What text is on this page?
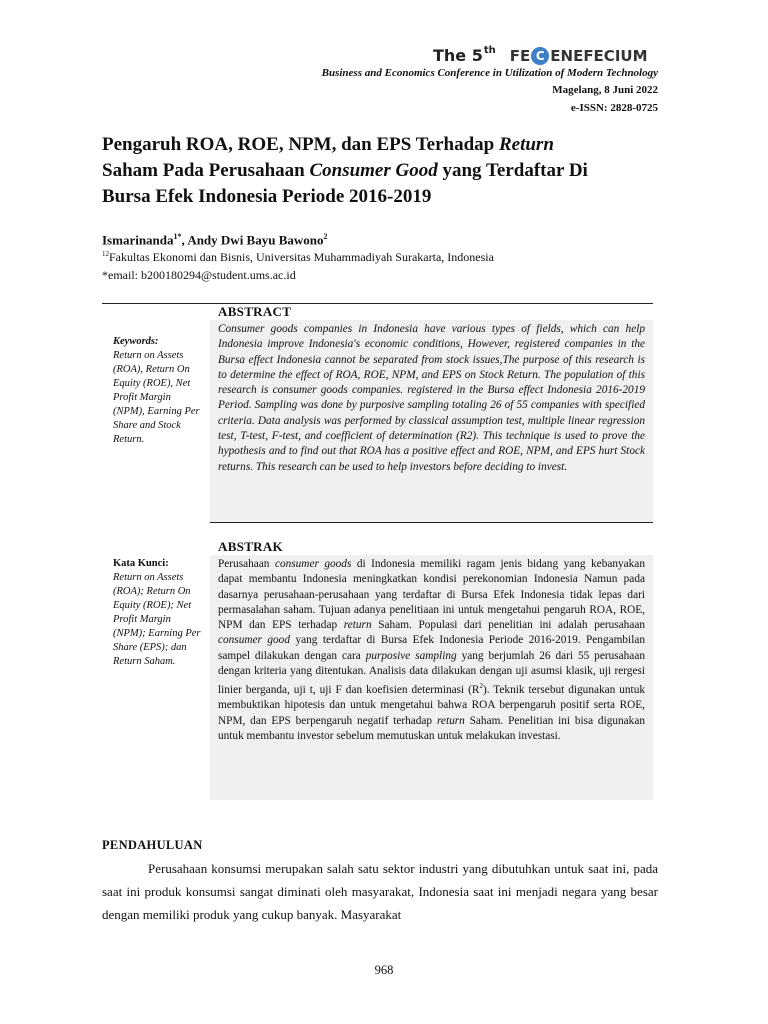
The 5 th FE C ENEFECIUM
Business and Economics Conference in Utilization of Modern Technology
Magelang, 8 Juni 2022
e-ISSN: 2828-0725
Pengaruh ROA, ROE, NPM, dan EPS Terhadap Return
Saham Pada Perusahaan Consumer Good yang Terdaftar Di
Bursa Efek Indonesia Periode 2016-2019
Ismarinanda$^{1*}$, Andy Dwi Bayu Bawono$^2$
$^{12}$Fakultas Ekonomi dan Bisnis, Universitas Muhammadiyah Surakarta, Indonesia
*email: b200180294@student.ums.ac.id
ABSTRACT
Keywords:
Return on Assets (ROA), Return On Equity (ROE), Net Profit Margin (NPM), Earning Per Share and Stock Return.
Consumer goods companies in Indonesia have various types of fields, which can help Indonesia improve Indonesia's economic conditions, However, registered companies in the Bursa effect Indonesia cannot be separated from stock issues,The purpose of this research is to determine the effect of ROA, ROE, NPM, and EPS on Stock Return. The population of this research is consumer goods companies. registered in the Bursa effect Indonesia 2016-2019 Period. Sampling was done by purposive sampling totaling 26 of 55 companies with specified criteria. Data analysis was performed by classical assumption test, multiple linear regression test, T-test, F-test, and coefficient of determination (R2). This technique is used to prove the hypothesis and to find out that ROA has a positive effect and ROE, NPM, and EPS hurt Stock returns. This research can be used to help investors before deciding to invest.
ABSTRAK
Kata Kunci:
Return on Assets (ROA); Return On Equity (ROE); Net Profit Margin (NPM); Earning Per Share (EPS); dan Return Saham.
Perusahaan consumer goods di Indonesia memiliki ragam jenis bidang yang kebanyakan dapat membantu Indonesia meningkatkan kondisi perekonomian Indonesia Namun pada dasarnya perusahaan-perusahaan yang terdaftar di Bursa Efek Indonesia tidak lepas dari permasalahan saham. Tujuan adanya penelitiaan ini untuk mengetahui pengaruh ROA, ROE, NPM dan EPS terhadap return Saham. Populasi dari penelitian ini adalah perusahaan consumer good yang terdaftar di Bursa Efek Indonesia Periode 2016-2019. Pengambilan sampel dilakukan dengan cara purposive sampling yang berjumlah 26 dari 55 perusahaan dengan kriteria yang ditentukan. Analisis data dilakukan dengan uji asumsi klasik, uji rergesi linier berganda, uji t, uji F dan koefisien determinasi $(R^2)$. Teknik tersebut digunakan untuk membuktikan hipotesis dan untuk mengetahui bahwa ROA berpengaruh positif serta ROE, NPM, dan EPS berpengaruh negatif terhadap return Saham. Penelitian ini bisa digunakan untuk membantu investor sebelum memutuskan untuk melakukan investasi.
PENDAHULUAN
Perusahaan konsumsi merupakan salah satu sektor industri yang dibutuhkan untuk saat ini, pada saat ini produk konsumsi sangat diminati oleh masyarakat, Indonesia saat ini menjadi negara yang besar dengan memiliki produk yang cukup banyak. Masyarakat
968
